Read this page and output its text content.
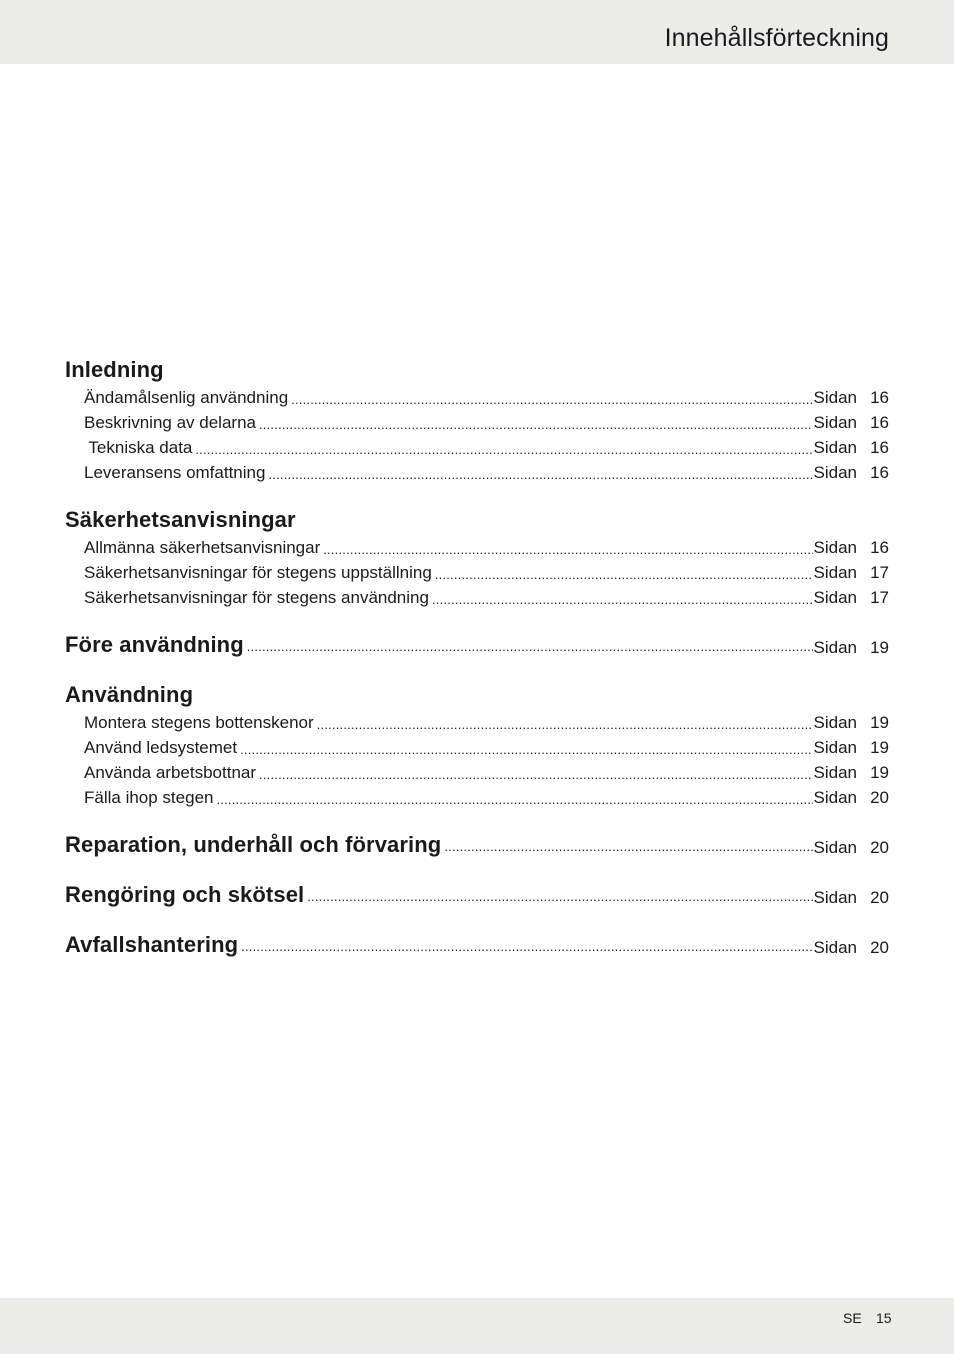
Innehållsförteckning
Inledning
Ändamålsenlig användning .....	Sidan 16
Beskrivning av delarna .....	Sidan 16
Tekniska data .....	Sidan 16
Leveransens omfattning .....	Sidan 16
Säkerhetsanvisningar
Allmänna säkerhetsanvisningar .....	Sidan 16
Säkerhetsanvisningar för stegens uppställning .....	Sidan 17
Säkerhetsanvisningar för stegens användning .....	Sidan 17
Före användning .....	Sidan 19
Användning
Montera stegens bottenskenor .....	Sidan 19
Använd ledsystemet .....	Sidan 19
Använda arbetsbottnar .....	Sidan 19
Fälla ihop stegen .....	Sidan 20
Reparation, underhåll och förvaring .....	Sidan 20
Rengöring och skötsel .....	Sidan 20
Avfallshantering .....	Sidan 20
SE 15
